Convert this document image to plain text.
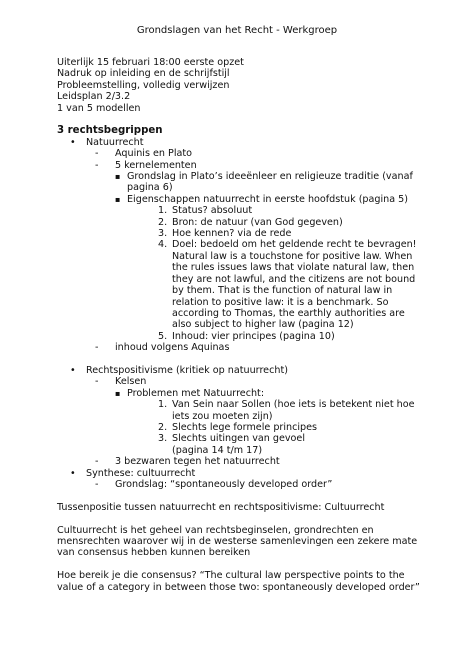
Grondslagen van het Recht - Werkgroep

Uiterlijk 15 februari 18:00 eerste opzet

Nadruk op inleiding en de schrijfstijl

Probleemstelling, volledig verwijzen

Leidsplan 2/3.2

1 van 5 modellen

3 rechtsbegrippen

•	Natuurrecht
-	Aquinis en Plato
-	5 kernelementen
▪ Grondslag in Plato’s ideeënleer en religieuze traditie (vanaf pagina 6)
▪ Eigenschappen natuurrecht in eerste hoofdstuk (pagina 5)
1. Status? absoluut
2. Bron: de natuur (van God gegeven)
3. Hoe kennen? via de rede
4. Doel: bedoeld om het geldende recht te bevragen! Natural law is a touchstone for positive law. When the rules issues laws that violate natural law, then they are not lawful, and the citizens are not bound by them. That is the function of natural law in relation to positive law: it is a benchmark. So according to Thomas, the earthly authorities are also subject to higher law (pagina 12)
5. Inhoud: vier principes (pagina 10)
-	inhoud volgens Aquinas
•	Rechtspositivisme (kritiek op natuurrecht)
-	Kelsen
▪ Problemen met Natuurrecht:
1. Van Sein naar Sollen (hoe iets is betekent niet hoe iets zou moeten zijn)
2. Slechts lege formele principes
3. Slechts uitingen van gevoel (pagina 14 t/m 17)
-	3 bezwaren tegen het natuurrecht
•	Synthese: cultuurrecht
-	Grondslag: “spontaneously developed order”

Tussenpositie tussen natuurrecht en rechtspositivisme: Cultuurrecht

Cultuurrecht is het geheel van rechtsbeginselen, grondrechten en mensrechten waarover wij in de westerse samenlevingen een zekere mate van consensus hebben kunnen bereiken

Hoe bereik je die consensus? “The cultural law perspective points to the value of a category in between those two: spontaneously developed order”
